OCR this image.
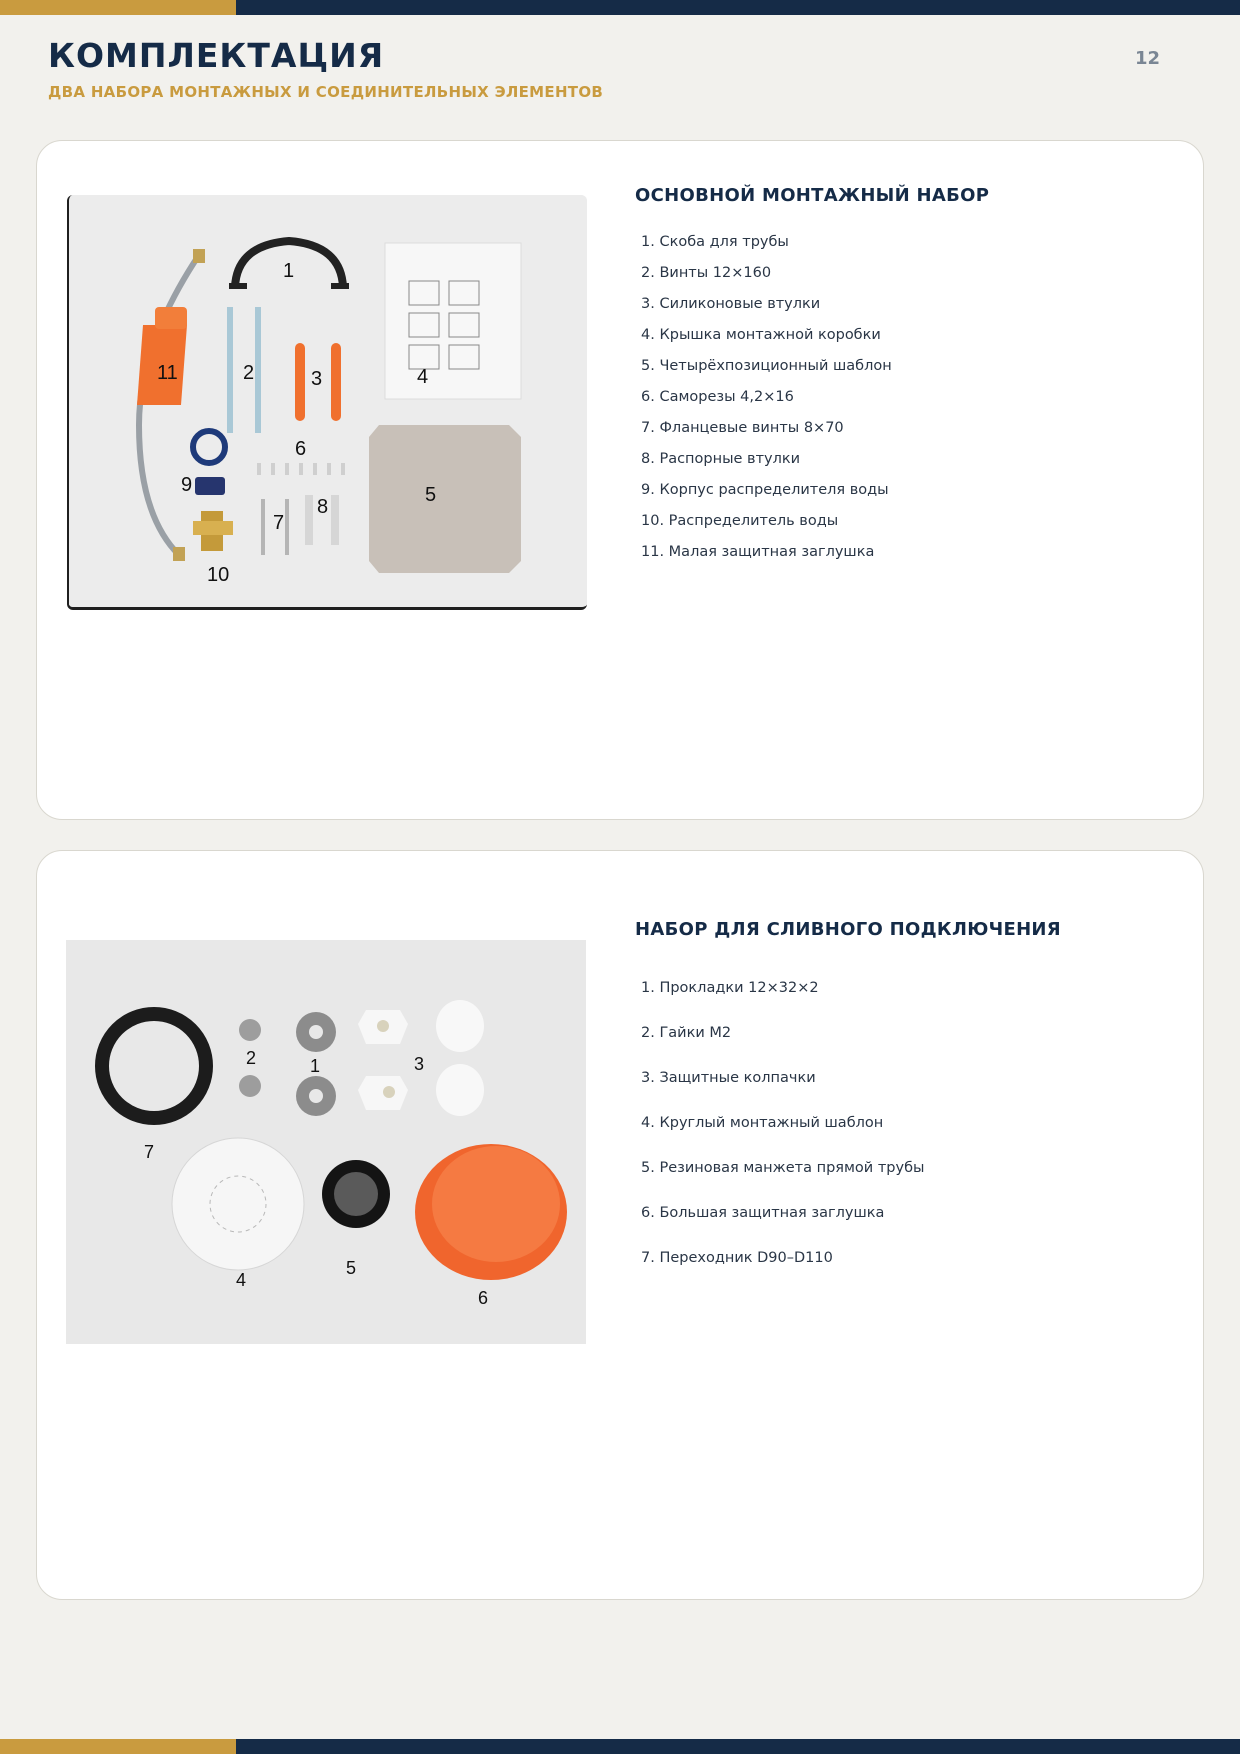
КОМПЛЕКТАЦИЯ
ДВА НАБОРА МОНТАЖНЫХ И СОЕДИНИТЕЛЬНЫХ ЭЛЕМЕНТОВ
12
1
2	3	4
5
6
7
8
9
10
11
ОСНОВНОЙ МОНТАЖНЫЙ НАБОР
1. Скоба для трубы
2. Винты 12×160
3. Силиконовые втулки
4. Крышка монтажной коробки
5. Четырёхпозиционный шаблон
6. Саморезы 4,2×16
7. Фланцевые винты 8×70
8. Распорные втулки
9. Корпус распределителя воды
10. Распределитель воды
11. Малая защитная заглушка
1
2	3
4
5
6
7
НАБОР ДЛЯ СЛИВНОГО ПОДКЛЮЧЕНИЯ
1. Прокладки 12×32×2
2. Гайки М2
3. Защитные колпачки
4. Круглый монтажный шаблон
5. Резиновая манжета прямой трубы
6. Большая защитная заглушка
7. Переходник D90–D110
